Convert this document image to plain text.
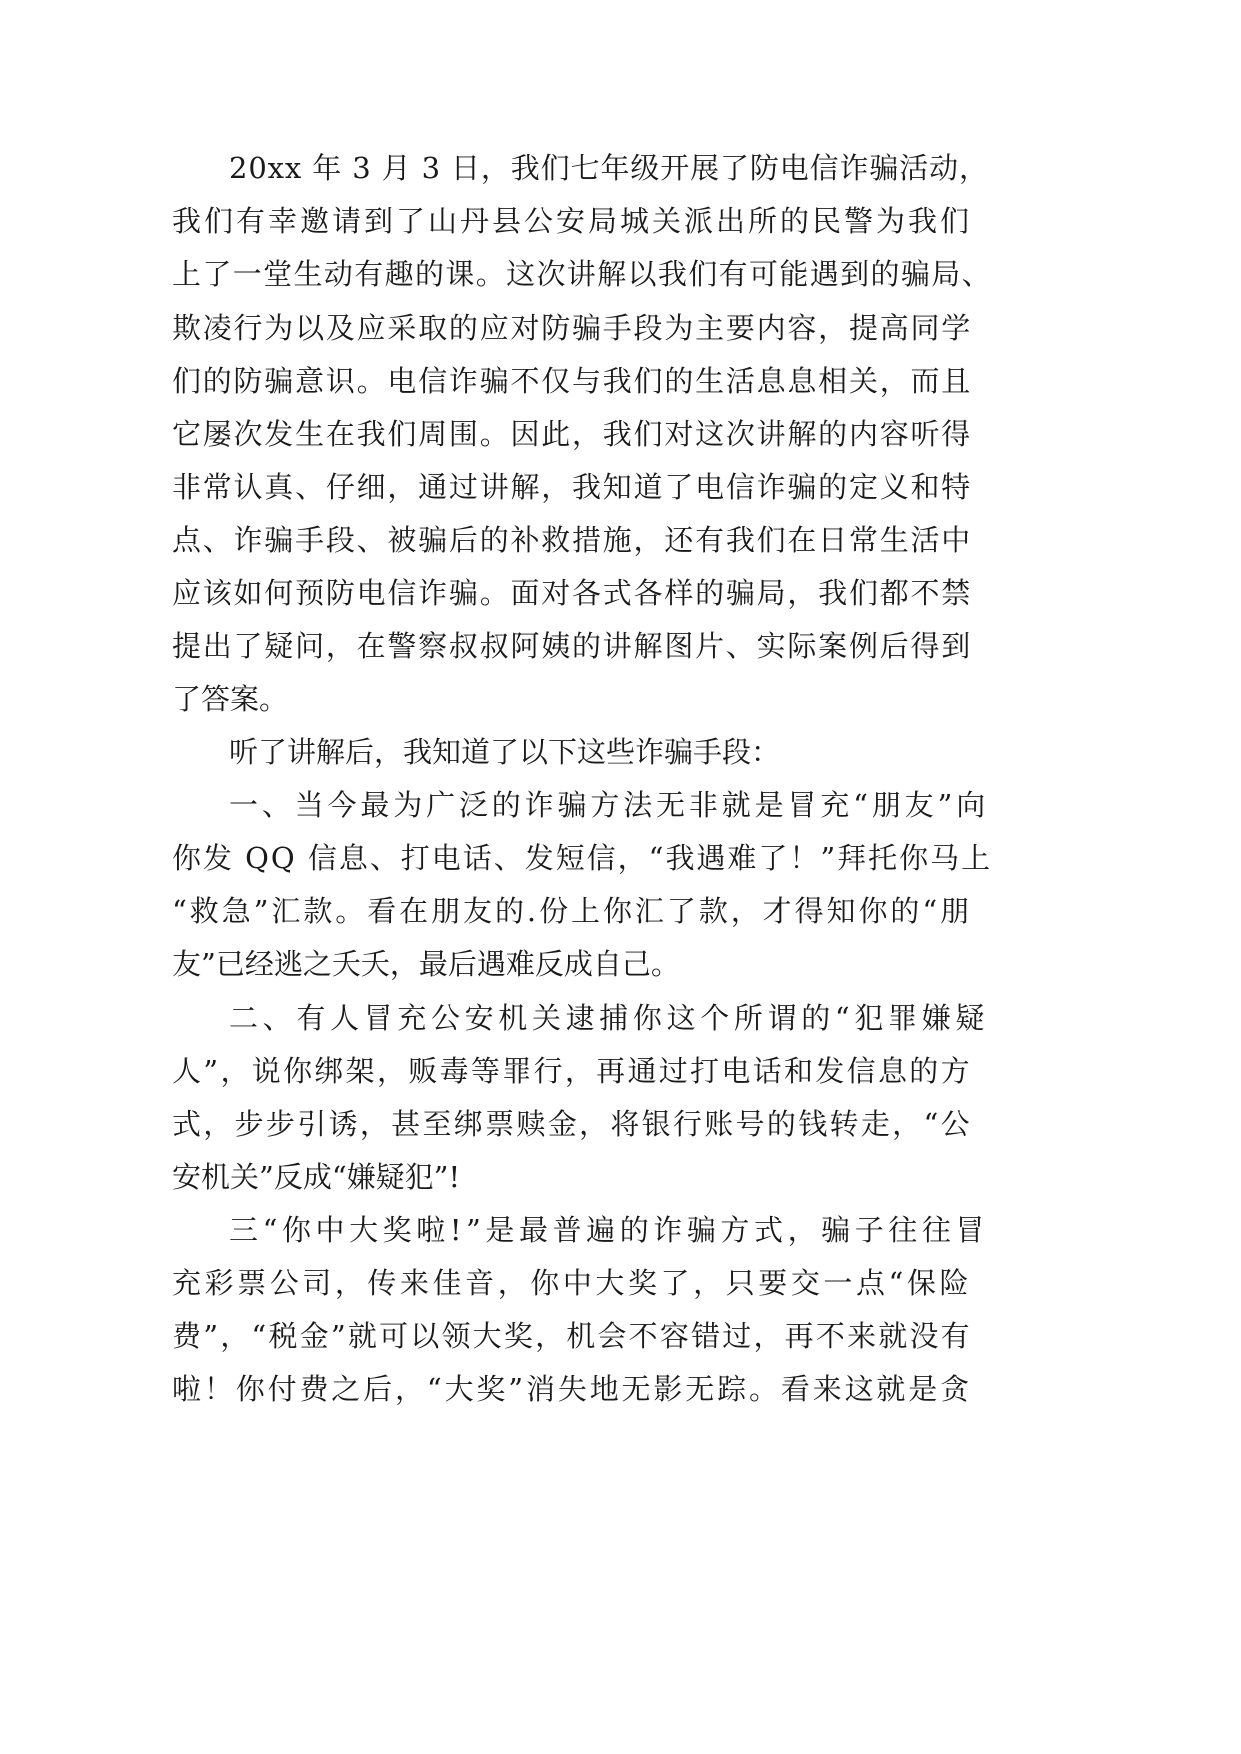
20xx 年 3 月 3 日，我们七年级开展了防电信诈骗活动，
我们有幸邀请到了山丹县公安局城关派出所的民警为我们
上了一堂生动有趣的课。这次讲解以我们有可能遇到的骗局、
欺凌行为以及应采取的应对防骗手段为主要内容，提高同学
们的防骗意识。电信诈骗不仅与我们的生活息息相关，而且
它屡次发生在我们周围。因此，我们对这次讲解的内容听得
非常认真、仔细，通过讲解，我知道了电信诈骗的定义和特
点、诈骗手段、被骗后的补救措施，还有我们在日常生活中
应该如何预防电信诈骗。面对各式各样的骗局，我们都不禁
提出了疑问，在警察叔叔阿姨的讲解图片、实际案例后得到
了答案。
听了讲解后，我知道了以下这些诈骗手段：
一、当今最为广泛的诈骗方法无非就是冒充“朋友”向
你发 QQ 信息、打电话、发短信，“我遇难了！”拜托你马上
“救急”汇款。看在朋友的.份上你汇了款，才得知你的“朋
友”已经逃之夭夭，最后遇难反成自己。
二、有人冒充公安机关逮捕你这个所谓的“犯罪嫌疑
人”，说你绑架，贩毒等罪行，再通过打电话和发信息的方
式，步步引诱，甚至绑票赎金，将银行账号的钱转走，“公
安机关”反成“嫌疑犯”!
三“你中大奖啦!”是最普遍的诈骗方式，骗子往往冒
充彩票公司，传来佳音，你中大奖了，只要交一点“保险
费”，“税金”就可以领大奖，机会不容错过，再不来就没有
啦！你付费之后，“大奖”消失地无影无踪。看来这就是贪
